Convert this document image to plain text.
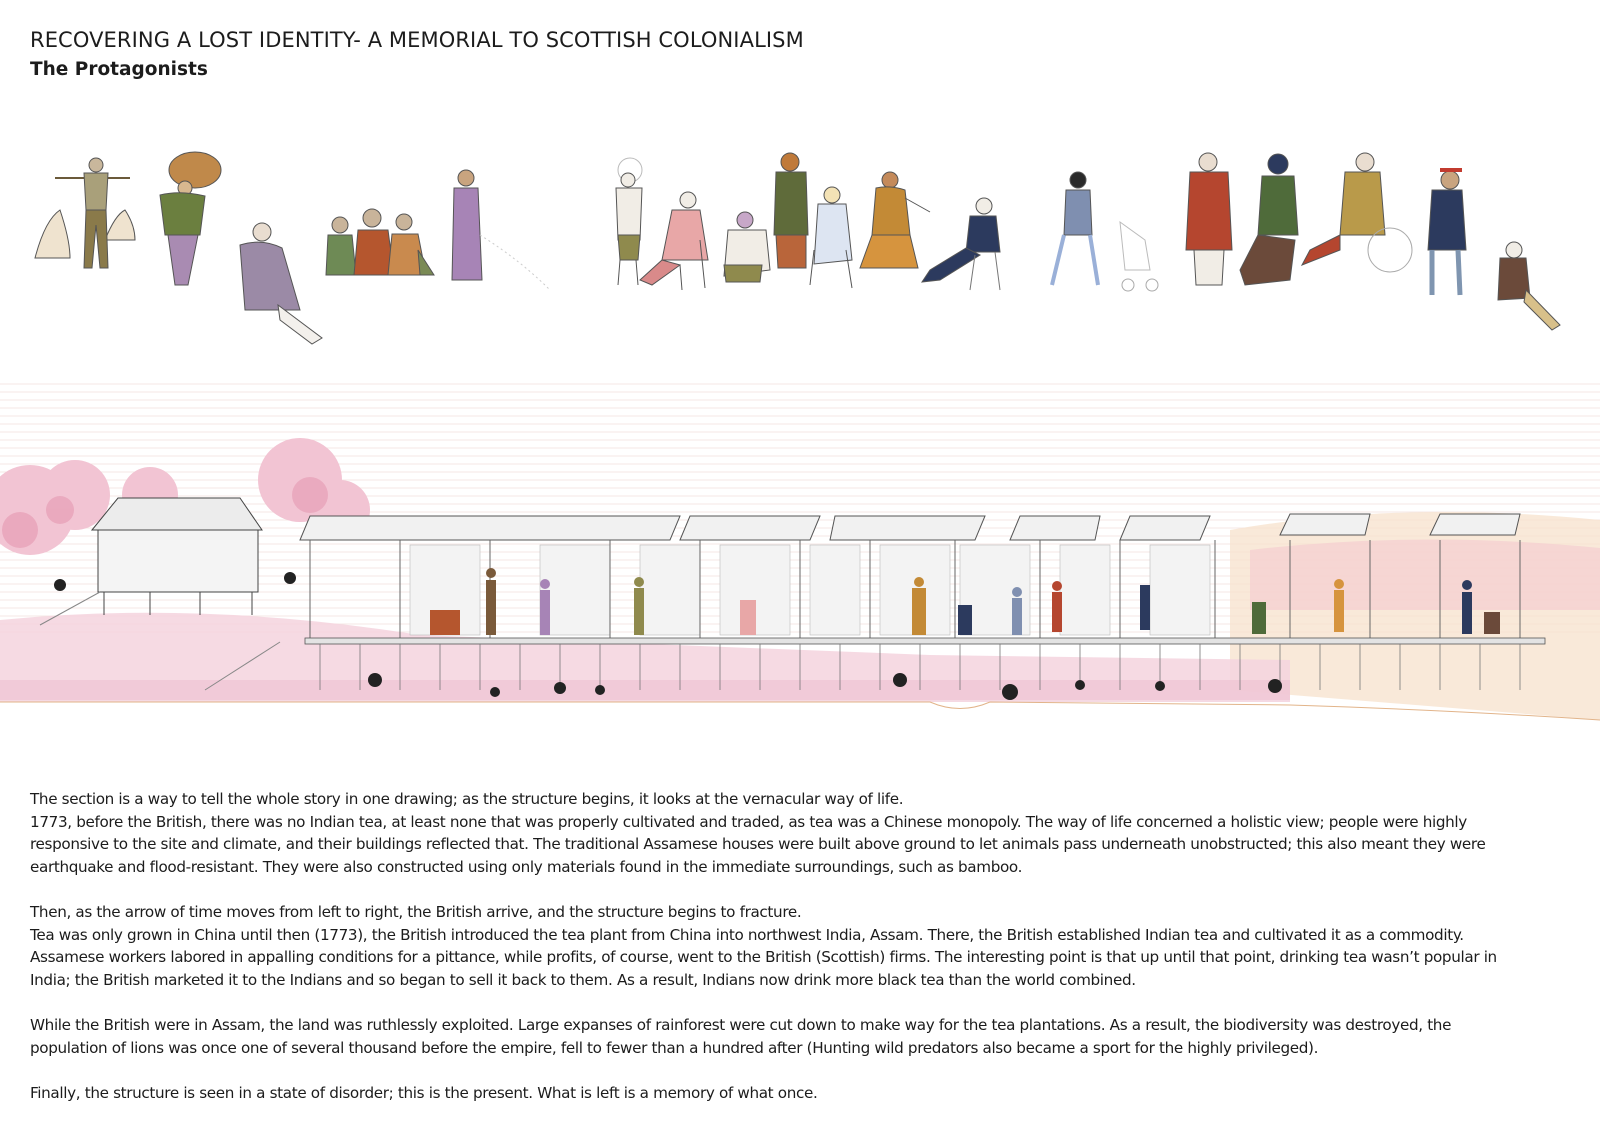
RECOVERING A LOST IDENTITY- A MEMORIAL TO SCOTTISH COLONIALISM
The Protagonists

The section is a way to tell the whole story in one drawing; as the structure begins, it looks at the vernacular way of life.
1773, before the British, there was no Indian tea, at least none that was properly cultivated and traded, as tea was a Chinese monopoly. The way of life concerned a holistic view; people were highly
responsive to the site and climate, and their buildings reflected that. The traditional Assamese houses were built above ground to let animals pass underneath unobstructed; this also meant they were
earthquake and flood-resistant. They were also constructed using only materials found in the immediate surroundings, such as bamboo.

Then, as the arrow of time moves from left to right, the British arrive, and the structure begins to fracture.
Tea was only grown in China until then (1773), the British introduced the tea plant from China into northwest India, Assam. There, the British established Indian tea and cultivated it as a commodity.
Assamese workers labored in appalling conditions for a pittance, while profits, of course, went to the British (Scottish) firms. The interesting point is that up until that point, drinking tea wasn’t popular in
India; the British marketed it to the Indians and so began to sell it back to them. As a result, Indians now drink more black tea than the world combined.

While the British were in Assam, the land was ruthlessly exploited. Large expanses of rainforest were cut down to make way for the tea plantations. As a result, the biodiversity was destroyed, the
population of lions was once one of several thousand before the empire, fell to fewer than a hundred after (Hunting wild predators also became a sport for the highly privileged).

Finally, the structure is seen in a state of disorder; this is the present. What is left is a memory of what once.
